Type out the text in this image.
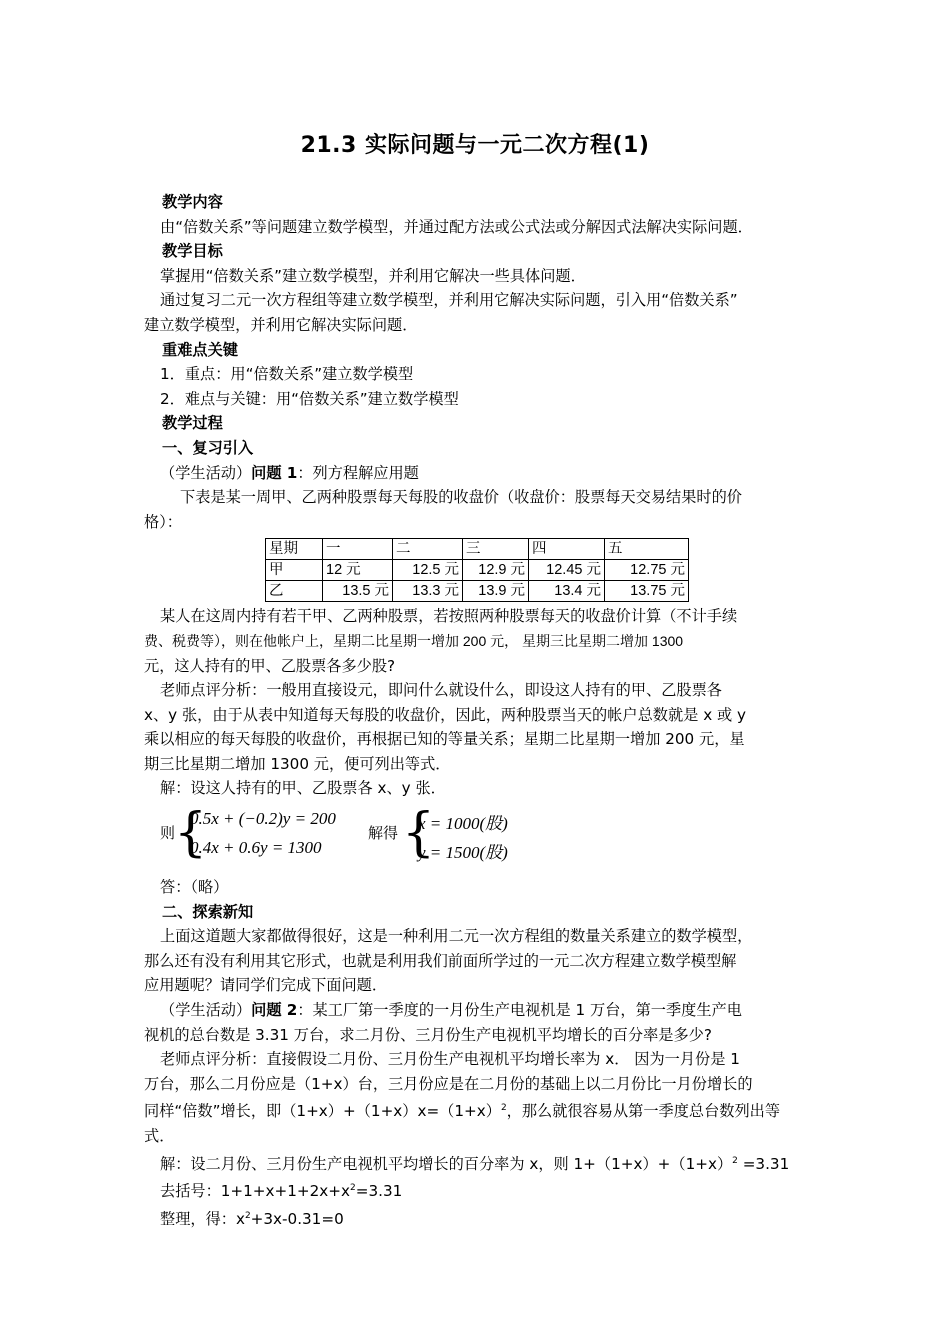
21.3 实际问题与一元二次方程(1)

教学内容

由“倍数关系”等问题建立数学模型，并通过配方法或公式法或分解因式法解决实际问题．

教学目标

掌握用“倍数关系”建立数学模型，并利用它解决一些具体问题．

通过复习二元一次方程组等建立数学模型，并利用它解决实际问题，引入用“倍数关系”

建立数学模型，并利用它解决实际问题．

重难点关键

1．重点：用“倍数关系”建立数学模型

2．难点与关键：用“倍数关系”建立数学模型

教学过程

一、复习引入

（学生活动）问题 1：列方程解应用题

下表是某一周甲、乙两种股票每天每股的收盘价（收盘价：股票每天交易结果时的价

格）：

星期	一	二	三	四	五
甲	12 元	12.5 元	12.9 元	12.45 元	12.75 元
乙	13.5 元	13.3 元	13.9 元	13.4 元	13.75 元

某人在这周内持有若干甲、乙两种股票，若按照两种股票每天的收盘价计算（不计手续

费、税费等），则在他帐户上，星期二比星期一增加 200 元， 星期三比星期二增加 1300

元，这人持有的甲、乙股票各多少股?

老师点评分析：一般用直接设元，即问什么就设什么，即设这人持有的甲、乙股票各

x、y 张，由于从表中知道每天每股的收盘价，因此，两种股票当天的帐户总数就是 x 或 y

乘以相应的每天每股的收盘价，再根据已知的等量关系；星期二比星期一增加 200 元，星

期三比星期二增加 1300 元，便可列出等式．

解：设这人持有的甲、乙股票各 x、y 张．

则
{
0.5x + (−0.2)y = 200
0.4x + 0.6y = 1300
解得 {
x = 1000(股)
y = 1500(股)

答：（略）

二、探索新知

上面这道题大家都做得很好，这是一种利用二元一次方程组的数量关系建立的数学模型，

那么还有没有利用其它形式，也就是利用我们前面所学过的一元二次方程建立数学模型解

应用题呢？请同学们完成下面问题．

（学生活动）问题 2：某工厂第一季度的一月份生产电视机是 1 万台，第一季度生产电

视机的总台数是 3.31 万台，求二月份、三月份生产电视机平均增长的百分率是多少?

老师点评分析：直接假设二月份、三月份生产电视机平均增长率为 x． 因为一月份是 1

万台，那么二月份应是（1+x）台，三月份应是在二月份的基础上以二月份比一月份增长的

同样“倍数”增长，即$(1+x)+(1+x)x=(1+x)^2$，那么就很容易从第一季度总台数列出等

式．

解：设二月份、三月份生产电视机平均增长的百分率为 x，则 $1+(1+x)+(1+x)^2 =3.31$

去括号：$1+1+x+1+2x+x^2=3.31$

整理，得：$x^2+3x-0.31=0$
